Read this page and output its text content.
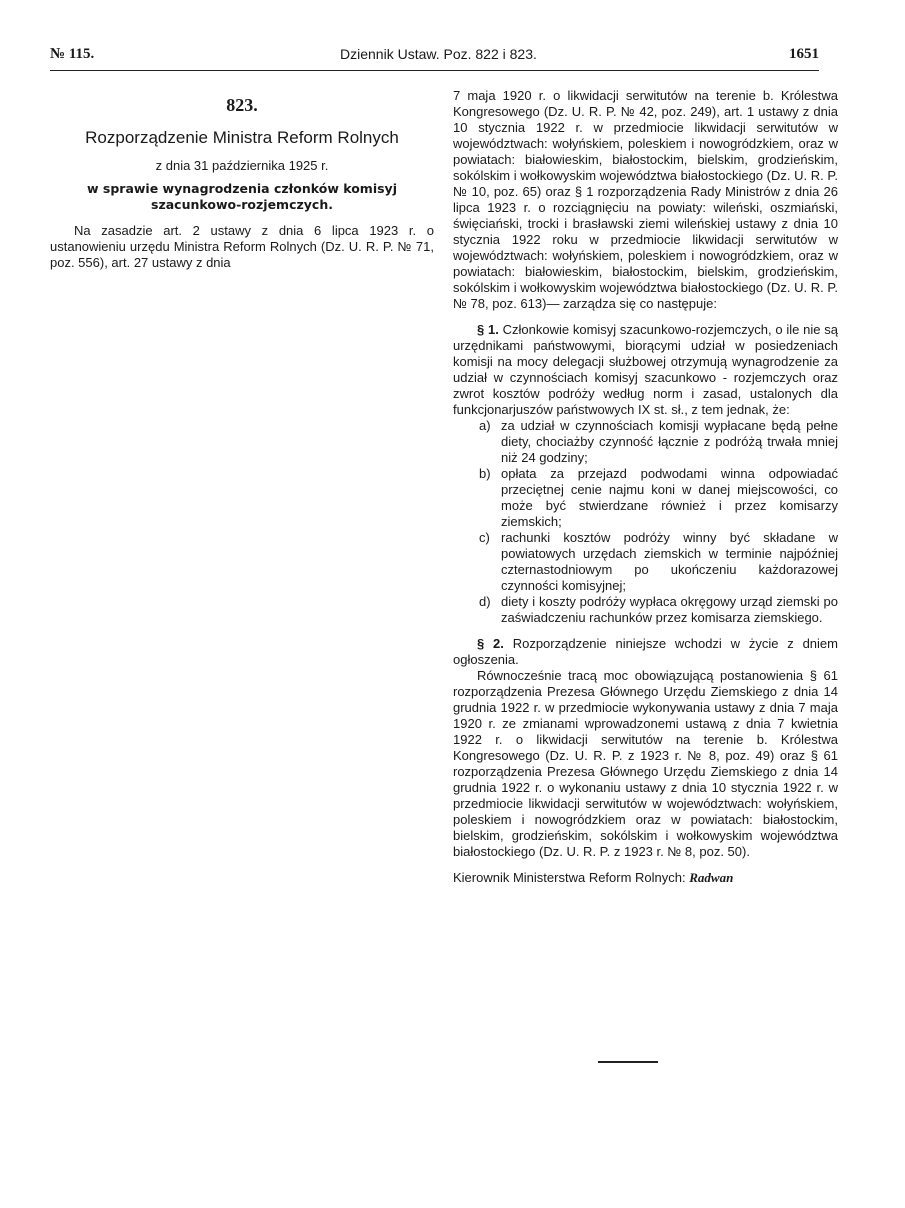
№ 115.	Dziennik Ustaw. Poz. 822 i 823.	1651
823.
Rozporządzenie Ministra Reform Rolnych
z dnia 31 października 1925 r.
w sprawie wynagrodzenia członków komisyj szacunkowo-rozjemczych.

Na zasadzie art. 2 ustawy z dnia 6 lipca 1923 r. o ustanowieniu urzędu Ministra Reform Rolnych (Dz. U. R. P. № 71, poz. 556), art. 27 ustawy z dnia

7 maja 1920 r. o likwidacji serwitutów na terenie b. Królestwa Kongresowego (Dz. U. R. P. № 42, poz. 249), art. 1 ustawy z dnia 10 stycznia 1922 r. w przedmiocie likwidacji serwitutów w województwach: wołyńskiem, poleskiem i nowogródzkiem, oraz w powiatach: białowieskim, białostockim, bielskim, grodzieńskim, sokólskim i wołkowyskim województwa białostockiego (Dz. U. R. P. № 10, poz. 65) oraz § 1 rozporządzenia Rady Ministrów z dnia 26 lipca 1923 r. o rozciągnięciu na powiaty: wileński, oszmiański, święciański, trocki i brasławski ziemi wileńskiej ustawy z dnia 10 stycznia 1922 roku w przedmiocie likwidacji serwitutów w województwach: wołyńskiem, poleskiem i nowogródzkiem, oraz w powiatach: białowieskim, białostockim, bielskim, grodzieńskim, sokólskim i wołkowyskim województwa białostockiego (Dz. U. R. P. № 78, poz. 613)— zarządza się co następuje:

§ 1. Członkowie komisyj szacunkowo-rozjemczych, o ile nie są urzędnikami państwowymi, biorącymi udział w posiedzeniach komisji na mocy delegacji służbowej otrzymują wynagrodzenie za udział w czynnościach komisyj szacunkowo - rozjemczych oraz zwrot kosztów podróży według norm i zasad, ustalonych dla funkcjonarjuszów państwowych IX st. sł., z tem jednak, że:

a) za udział w czynnościach komisji wypłacane będą pełne diety, chociażby czynność łącznie z podróżą trwała mniej niż 24 godziny;
b) opłata za przejazd podwodami winna odpowiadać przeciętnej cenie najmu koni w danej miejscowości, co może być stwierdzane również i przez komisarzy ziemskich;
c) rachunki kosztów podróży winny być składane w powiatowych urzędach ziemskich w terminie najpóźniej czternastodniowym po ukończeniu każdorazowej czynności komisyjnej;
d) diety i koszty podróży wypłaca okręgowy urząd ziemski po zaświadczeniu rachunków przez komisarza ziemskiego.

§ 2. Rozporządzenie niniejsze wchodzi w życie z dniem ogłoszenia.

Równocześnie tracą moc obowiązującą postanowienia § 61 rozporządzenia Prezesa Głównego Urzędu Ziemskiego z dnia 14 grudnia 1922 r. w przedmiocie wykonywania ustawy z dnia 7 maja 1920 r. ze zmianami wprowadzonemi ustawą z dnia 7 kwietnia 1922 r. o likwidacji serwitutów na terenie b. Królestwa Kongresowego (Dz. U. R. P. z 1923 r. № 8, poz. 49) oraz § 61 rozporządzenia Prezesa Głównego Urzędu Ziemskiego z dnia 14 grudnia 1922 r. o wykonaniu ustawy z dnia 10 stycznia 1922 r. w przedmiocie likwidacji serwitutów w województwach: wołyńskiem, poleskiem i nowogródzkiem oraz w powiatach: białostockim, bielskim, grodzieńskim, sokólskim i wołkowyskim województwa białostockiego (Dz. U. R. P. z 1923 r. № 8, poz. 50).

Kierownik Ministerstwa Reform Rolnych: Radwan
